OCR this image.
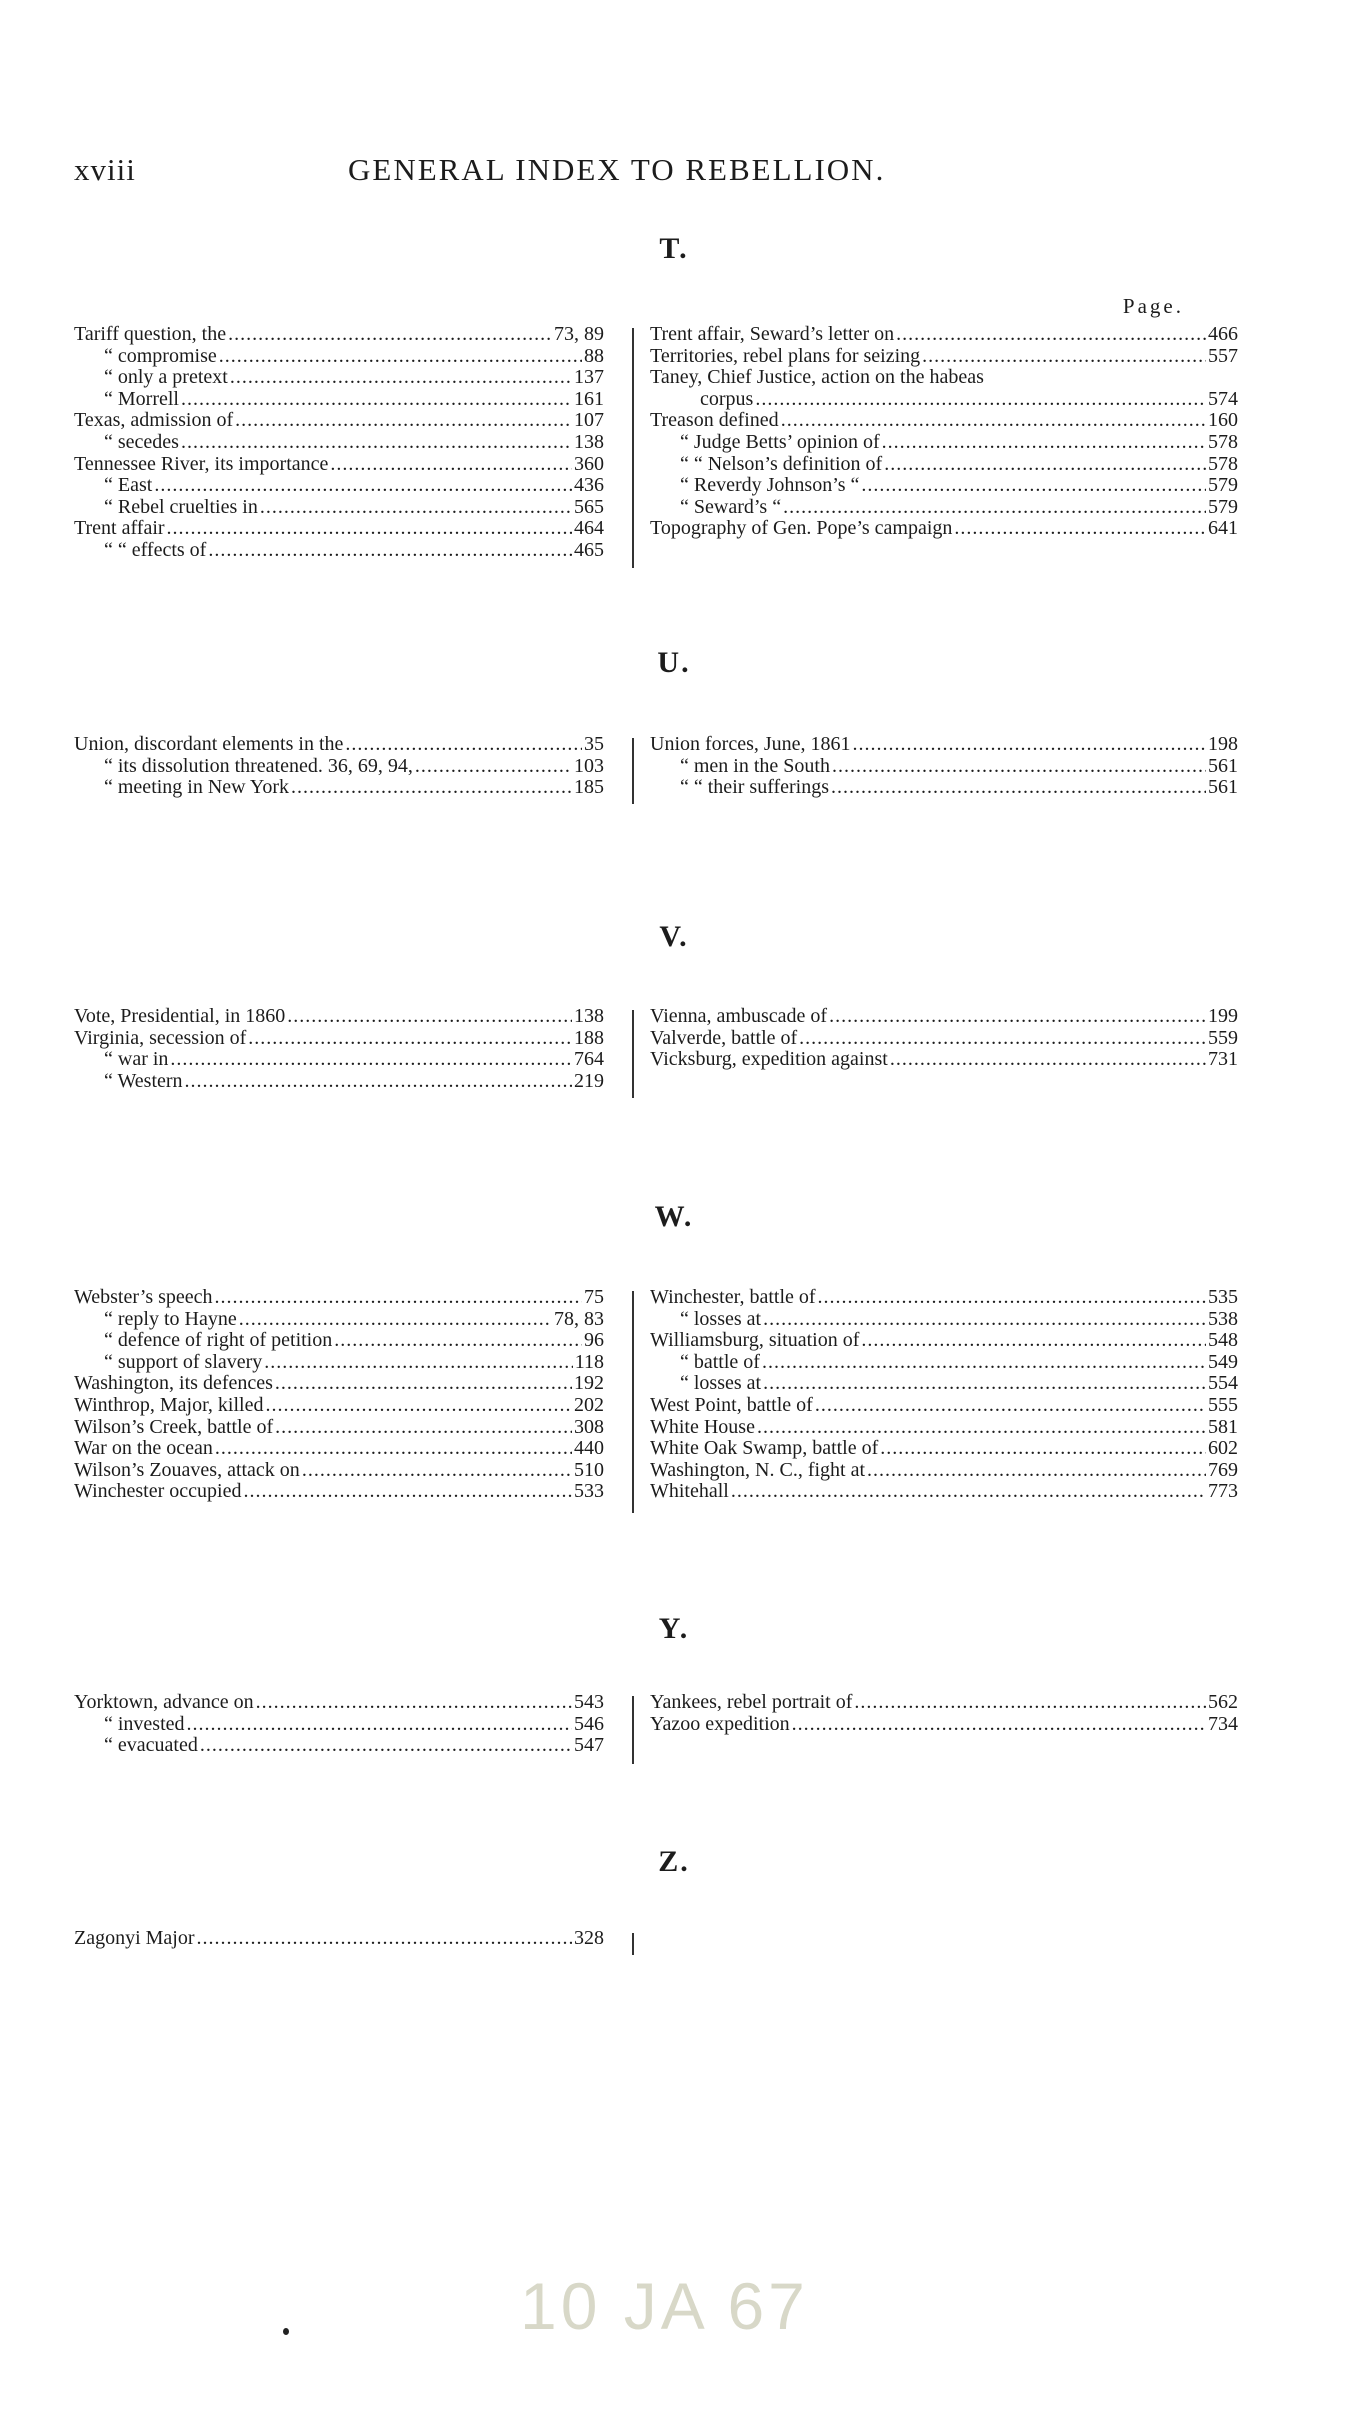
xviii	GENERAL INDEX TO REBELLION.
T.
Page.
Tariff question, the . . .	73, 89
“ compromise . . .	88
“ only a pretext . . .	137
“ Morrell . . .	161
Texas, admission of . . .	107
“ secedes . . .	138
Tennessee River, its importance . . .	360
“ East . . .	436
“ Rebel cruelties in . . .	565
Trent affair . . .	464
“ “ effects of . . .	465
Trent affair, Seward’s letter on . . .	466
Territories, rebel plans for seizing . . .	557
Taney, Chief Justice, action on the habeas
corpus . . .	574
Treason defined . . .	160
“ Judge Betts’ opinion of . . .	578
“ “ Nelson’s definition of . . .	578
“ Reverdy Johnson’s “ . . .	579
“ Seward’s “ . . .	579
Topography of Gen. Pope’s campaign . . .	641
U.
Union, discordant elements in the . . .	35
“ its dissolution threatened. 36, 69, 94, . . .	103
“ meeting in New York . . .	185
Union forces, June, 1861 . . .	198
“ men in the South . . .	561
“ “ their sufferings . . .	561
V.
Vote, Presidential, in 1860 . . .	138
Virginia, secession of . . .	188
“ war in . . .	764
“ Western . . .	219
Vienna, ambuscade of . . .	199
Valverde, battle of . . .	559
Vicksburg, expedition against . . .	731
W.
Webster’s speech . . .	75
“ reply to Hayne . . .	78, 83
“ defence of right of petition . . .	96
“ support of slavery . . .	118
Washington, its defences . . .	192
Winthrop, Major, killed . . .	202
Wilson’s Creek, battle of . . .	308
War on the ocean . . .	440
Wilson’s Zouaves, attack on . . .	510
Winchester occupied . . .	533
Winchester, battle of . . .	535
“ losses at . . .	538
Williamsburg, situation of . . .	548
“ battle of . . .	549
“ losses at . . .	554
West Point, battle of . . .	555
White House . . .	581
White Oak Swamp, battle of . . .	602
Washington, N. C., fight at . . .	769
Whitehall . . .	773
Y.
Yorktown, advance on . . .	543
“ invested . . .	546
“ evacuated . . .	547
Yankees, rebel portrait of . . .	562
Yazoo expedition . . .	734
Z.
Zagonyi Major . . .	328
10 JA 67
